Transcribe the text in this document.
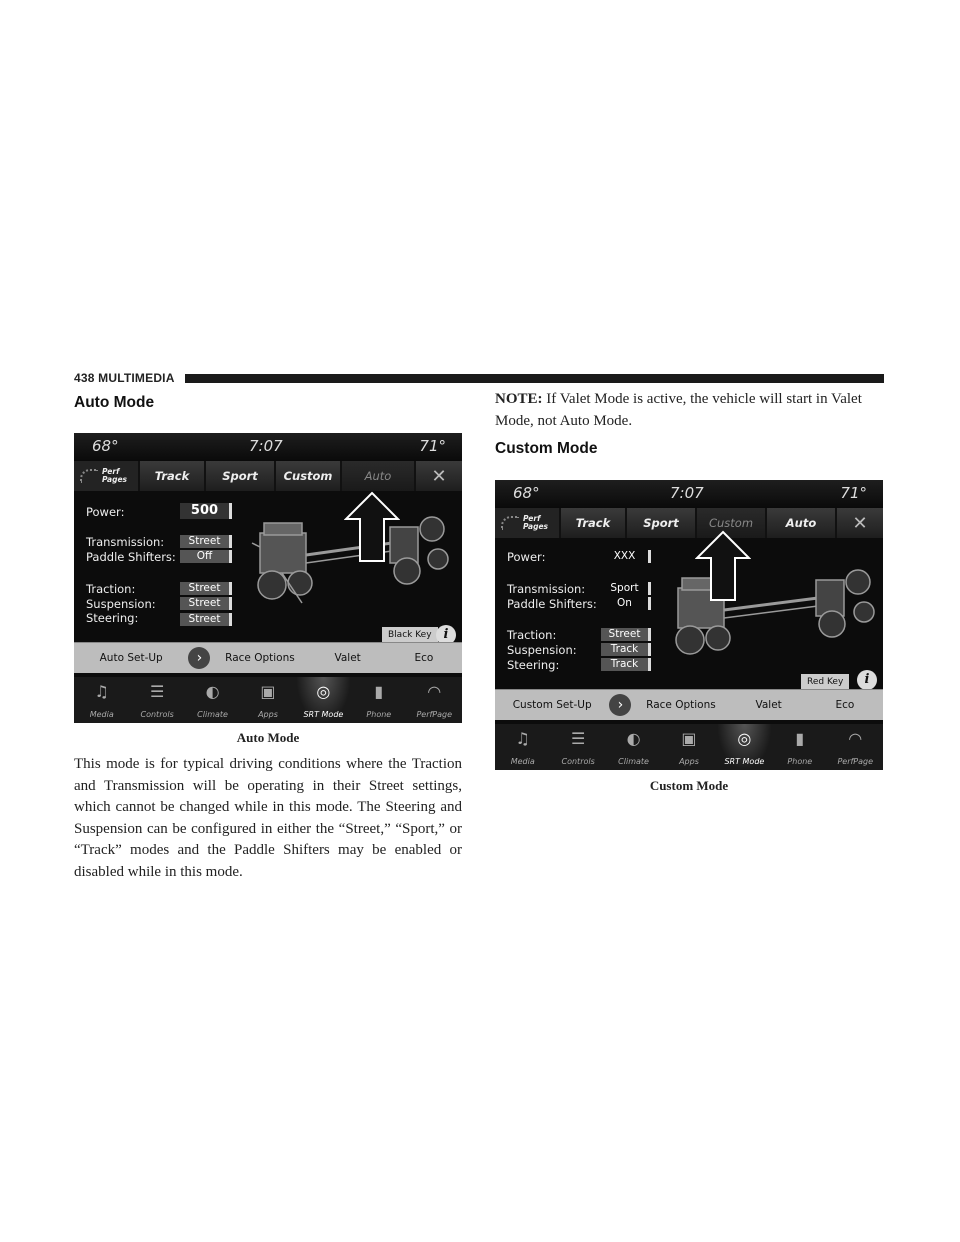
438 MULTIMEDIA
Auto Mode
68°	7:07	71°
Perf
Pages	Track	Sport	Custom	Auto	✕
Power:	500
Transmission:	Street
Paddle Shifters:	Off
Traction:	Street
Suspension:	Street
Steering:	Street
Black Key i
Auto Set-Up	›	Race Options	Valet	Eco
♫
Media
☰
Controls
◐
Climate
▣
Apps
◎
SRT Mode
▮
Phone
◠
PerfPage
Auto Mode
This mode is for typical driving conditions where the Traction and Transmission will be operating in their Street settings, which cannot be changed while in this mode. The Steering and Suspension can be configured in either the “Street,” “Sport,” or “Track” modes and the Paddle Shifters may be enabled or disabled while in this mode.
NOTE: If Valet Mode is active, the vehicle will start in Valet Mode, not Auto Mode.
Custom Mode
68°	7:07	71°
Perf
Pages	Track	Sport	Custom	Auto	✕
Power:	XXX
Transmission:	Sport
Paddle Shifters:	On
Traction:	Street
Suspension:	Track
Steering:	Track
Red Key	i
Custom Set-Up	›	Race Options	Valet	Eco
♫
Media
☰
Controls
◐
Climate
▣
Apps
◎
SRT Mode
▮
Phone
◠
PerfPage
Custom Mode
